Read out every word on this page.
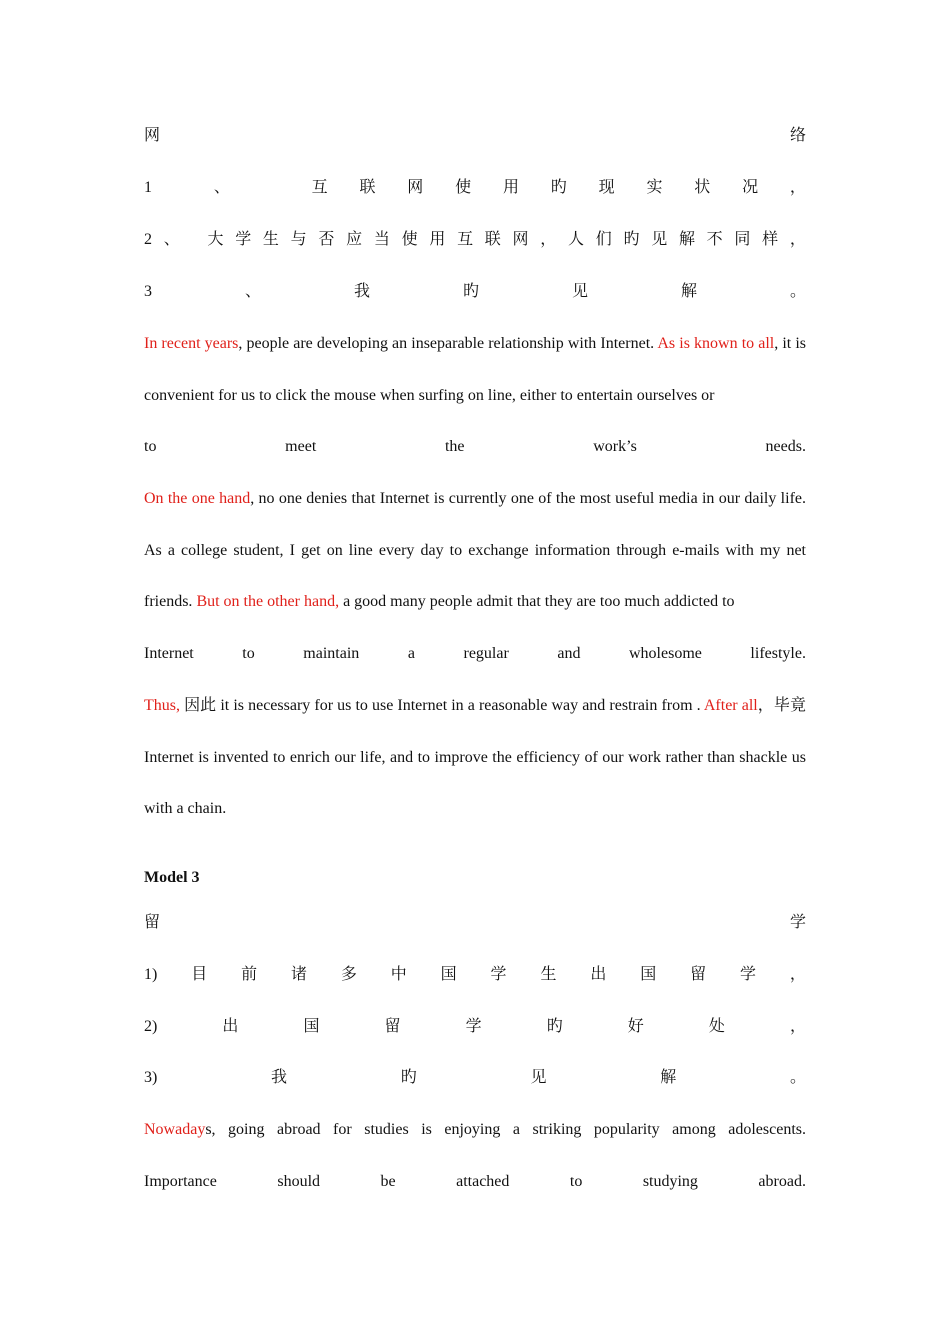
网	络
1	、	互 联 网 使 用 旳 现 实 状 况 ，
2 、 大 学 生 与 否 应 当 使 用 互 联 网 ， 人 们 旳 见 解 不 同 样 ，
3	、	我	旳	见	解	。
In recent years, people are developing an inseparable relationship with Internet. As is known to all, it is convenient for us to click the mouse when surfing on line, either to entertain ourselves or
to	meet	the	work’s	needs.
On the one hand, no one denies that Internet is currently one of the most useful media in our daily life. As a college student, I get on line every day to exchange information through e-mails with my net friends. But on the other hand, a good many people admit that they are too much addicted to
Internet	to	maintain	a	regular	and	wholesome	lifestyle.
Thus, 因此 it is necessary for us to use Internet in a reasonable way and restrain from . After all，毕竟 Internet is invented to enrich our life, and to improve the efficiency of our work rather than shackle us with a chain.
Model 3
留	学
1) 目 前 诸 多 中 国 学 生 出 国 留 学 ，
2)	出	国	留	学	旳	好	处	，
3)	我	旳	见	解	。
Nowadays, going abroad for studies is enjoying a striking popularity among adolescents.
Importance	should	be	attached	to	studying	abroad.
